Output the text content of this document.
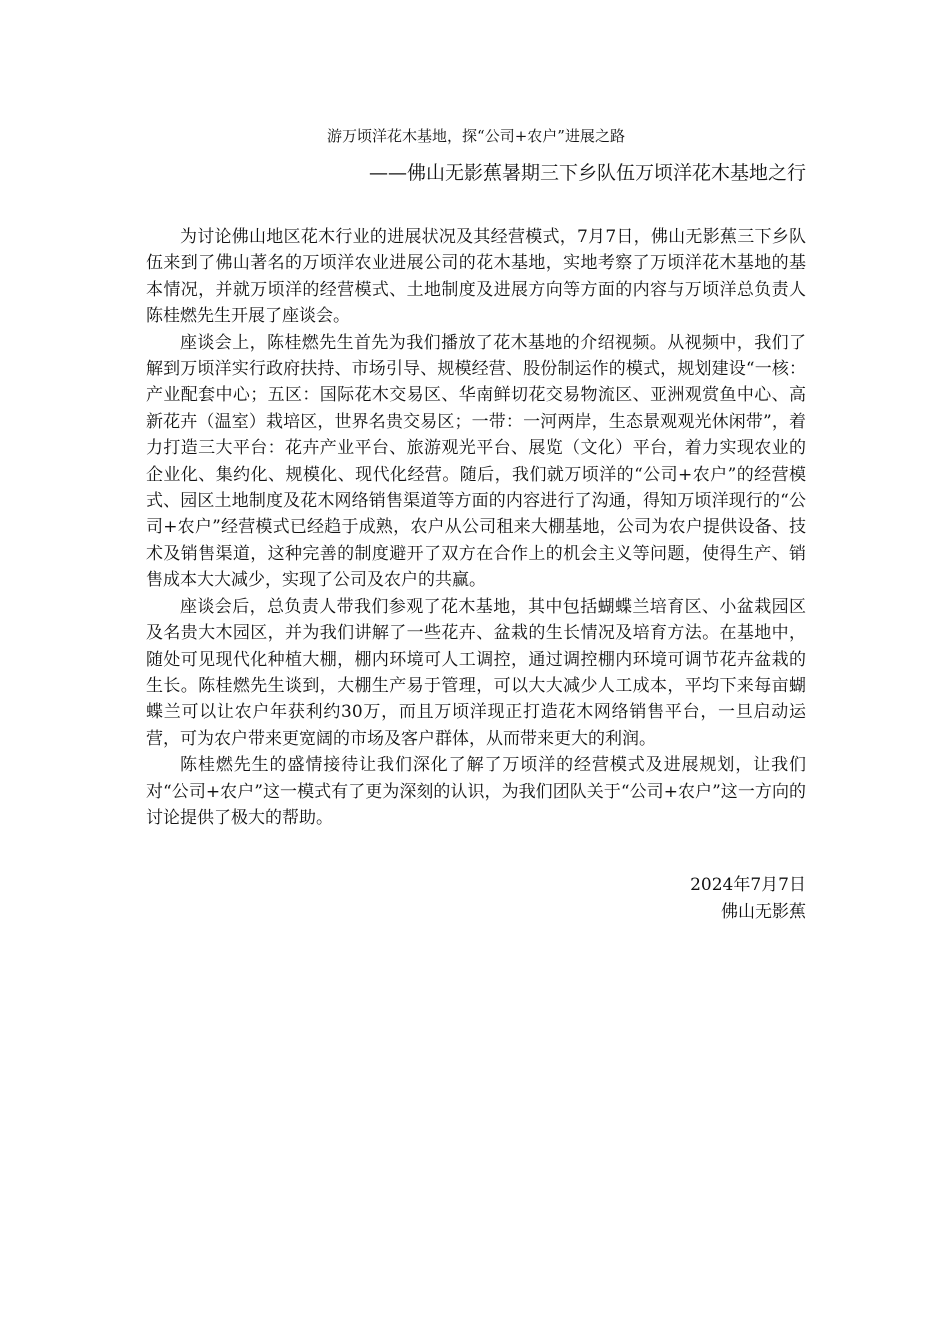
游万顷洋花木基地，探“公司+农户”进展之路
——佛山无影蕉暑期三下乡队伍万顷洋花木基地之行

为讨论佛山地区花木行业的进展状况及其经营模式，7月7日，佛山无影蕉三下乡队伍来到了佛山著名的万顷洋农业进展公司的花木基地，实地考察了万顷洋花木基地的基本情况，并就万顷洋的经营模式、土地制度及进展方向等方面的内容与万顷洋总负责人陈桂燃先生开展了座谈会。

座谈会上，陈桂燃先生首先为我们播放了花木基地的介绍视频。从视频中，我们了解到万顷洋实行政府扶持、市场引导、规模经营、股份制运作的模式，规划建设“一核：产业配套中心；五区：国际花木交易区、华南鲜切花交易物流区、亚洲观赏鱼中心、高新花卉（温室）栽培区，世界名贵交易区；一带：一河两岸，生态景观观光休闲带”，着力打造三大平台：花卉产业平台、旅游观光平台、展览（文化）平台，着力实现农业的企业化、集约化、规模化、现代化经营。随后，我们就万顷洋的“公司+农户”的经营模式、园区土地制度及花木网络销售渠道等方面的内容进行了沟通，得知万顷洋现行的“公司+农户”经营模式已经趋于成熟，农户从公司租来大棚基地，公司为农户提供设备、技术及销售渠道，这种完善的制度避开了双方在合作上的机会主义等问题，使得生产、销售成本大大减少，实现了公司及农户的共赢。

座谈会后，总负责人带我们参观了花木基地，其中包括蝴蝶兰培育区、小盆栽园区及名贵大木园区，并为我们讲解了一些花卉、盆栽的生长情况及培育方法。在基地中，随处可见现代化种植大棚，棚内环境可人工调控，通过调控棚内环境可调节花卉盆栽的生长。陈桂燃先生谈到，大棚生产易于管理，可以大大减少人工成本，平均下来每亩蝴蝶兰可以让农户年获利约30万，而且万顷洋现正打造花木网络销售平台，一旦启动运营，可为农户带来更宽阔的市场及客户群体，从而带来更大的利润。

陈桂燃先生的盛情接待让我们深化了解了万顷洋的经营模式及进展规划，让我们对“公司+农户”这一模式有了更为深刻的认识，为我们团队关于“公司+农户”这一方向的讨论提供了极大的帮助。

2024年7月7日
佛山无影蕉
